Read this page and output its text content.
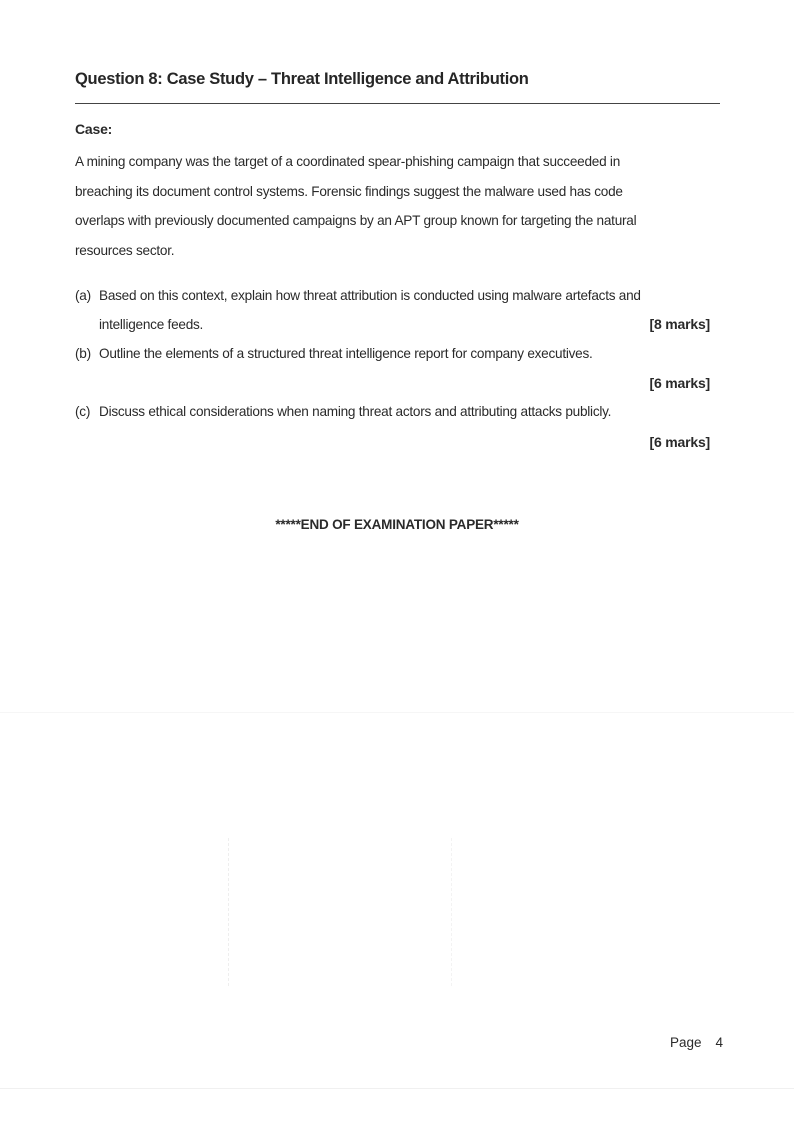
Question 8: Case Study – Threat Intelligence and Attribution
Case:
A mining company was the target of a coordinated spear-phishing campaign that succeeded in
breaching its document control systems. Forensic findings suggest the malware used has code
overlaps with previously documented campaigns by an APT group known for targeting the natural
resources sector.
(a) Based on this context, explain how threat attribution is conducted using malware artefacts and
intelligence feeds.	[8 marks]
(b) Outline the elements of a structured threat intelligence report for company executives.
[6 marks]
(c) Discuss ethical considerations when naming threat actors and attributing attacks publicly.
[6 marks]
*****END OF EXAMINATION PAPER*****
Page 4
